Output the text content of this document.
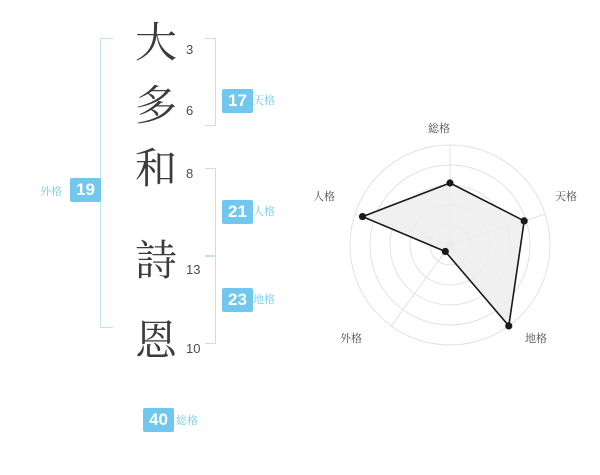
大
多
和
詩
恩
3
6
8
13
10
17 天格
21 人格
23 地格
外格 19
40 総格
総格
天格
地格
外格
人格
